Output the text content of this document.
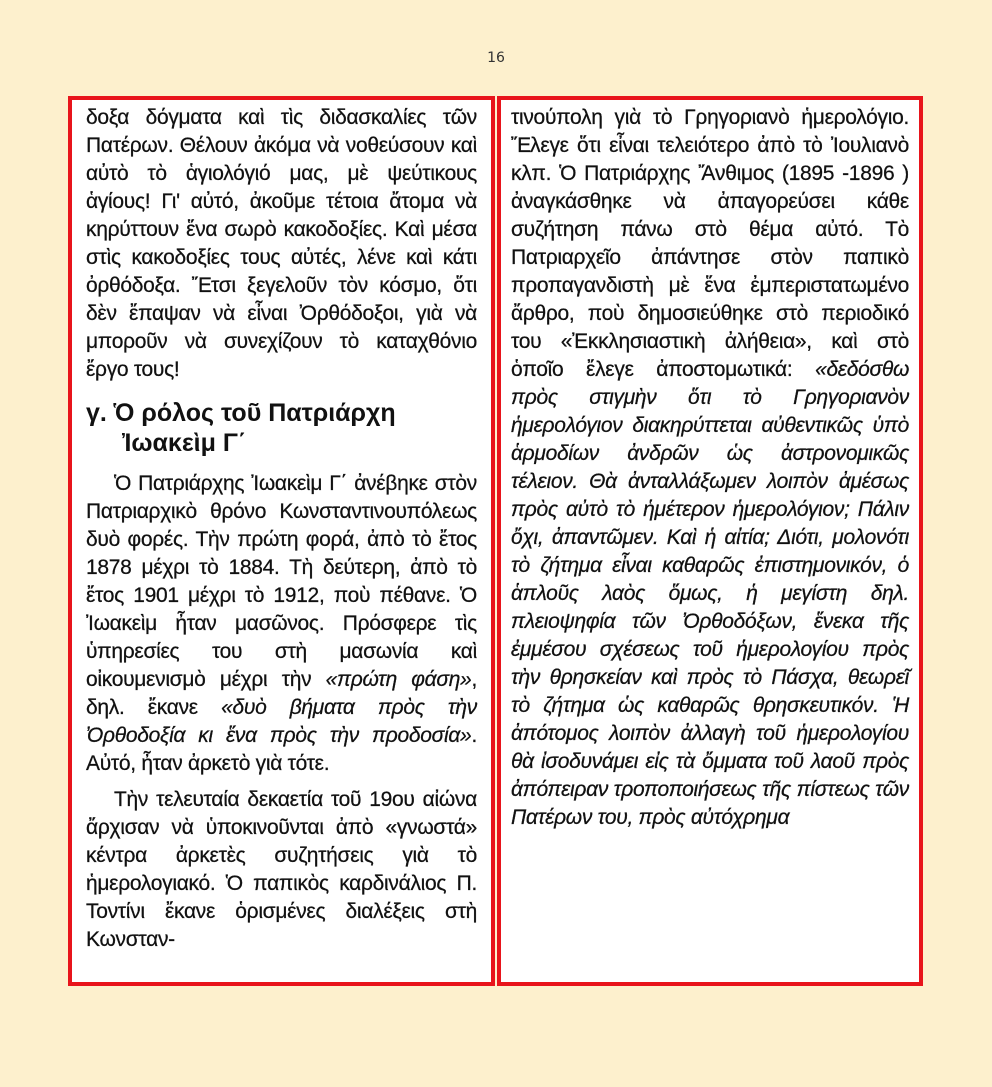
16

δοξα δόγματα καὶ τὶς διδασκαλίες τῶν Πατέρων. Θέλουν ἀκόμα νὰ νοθεύσουν καὶ αὐτὸ τὸ ἁγιολόγιό μας, μὲ ψεύτικους ἁγίους! Γι' αὐτό, ἀκοῦμε τέτοια ἄτομα νὰ κηρύττουν ἕνα σωρὸ κακοδοξίες. Καὶ μέσα στὶς κακοδοξίες τους αὐτές, λένε καὶ κάτι ὀρθόδοξα. Ἔτσι ξεγελοῦν τὸν κόσμο, ὅτι δὲν ἔπαψαν νὰ εἶναι Ὀρθόδοξοι, γιὰ νὰ μποροῦν νὰ συνεχίζουν τὸ καταχθόνιο ἔργο τους!

γ. Ὁ ρόλος τοῦ Πατριάρχη Ἰωακεὶμ Γ΄

Ὁ Πατριάρχης Ἰωακεὶμ Γ΄ ἀνέβηκε στὸν Πατριαρχικὸ θρόνο Κωνσταντινουπόλεως δυὸ φορές. Τὴν πρώτη φορά, ἀπὸ τὸ ἔτος 1878 μέχρι τὸ 1884. Τὴ δεύτερη, ἀπὸ τὸ ἔτος 1901 μέχρι τὸ 1912, ποὺ πέθανε. Ὁ Ἰωακεὶμ ἦταν μασῶνος. Πρόσφερε τὶς ὑπηρεσίες του στὴ μασωνία καὶ οἰκουμενισμὸ μέχρι τὴν «πρώτη φάση», δηλ. ἔκανε «δυὸ βήματα πρὸς τὴν Ὀρθοδοξία κι ἕνα πρὸς τὴν προδοσία». Αὐτό, ἦταν ἀρκετὸ γιὰ τότε.

Τὴν τελευταία δεκαετία τοῦ 19ου αἰώνα ἄρχισαν νὰ ὑποκινοῦνται ἀπὸ «γνωστά» κέντρα ἀρκετὲς συζητήσεις γιὰ τὸ ἡμερολογιακό. Ὁ παπικὸς καρδινάλιος Π. Τοντίνι ἔκανε ὁρισμένες διαλέξεις στὴ Κωνσταν-

τινούπολη γιὰ τὸ Γρηγοριανὸ ἡμερολόγιο. Ἔλεγε ὅτι εἶναι τελειότερο ἀπὸ τὸ Ἰουλιανὸ κλπ. Ὁ Πατριάρχης Ἄνθιμος (1895 -1896 ) ἀναγκάσθηκε νὰ ἀπαγορεύσει κάθε συζήτηση πάνω στὸ θέμα αὐτό. Τὸ Πατριαρχεῖο ἀπάντησε στὸν παπικὸ προπαγανδιστὴ μὲ ἕνα ἐμπεριστατωμένο ἄρθρο, ποὺ δημοσιεύθηκε στὸ περιοδικό του «Ἐκκλησιαστικὴ ἀλήθεια», καὶ στὸ ὁποῖο ἔλεγε ἀποστομωτικά: «δεδόσθω πρὸς στιγμὴν ὅτι τὸ Γρηγοριανὸν ἡμερολόγιον διακηρύττεται αὐθεντικῶς ὑπὸ ἁρμοδίων ἀνδρῶν ὡς ἀστρονομικῶς τέλειον. Θὰ ἀνταλλάξωμεν λοιπὸν ἀμέσως πρὸς αὐτὸ τὸ ἡμέτερον ἡμερολόγιον; Πάλιν ὄχι, ἀπαντῶμεν. Καὶ ἡ αἰτία; Διότι, μολονότι τὸ ζήτημα εἶναι καθαρῶς ἐπιστημονικόν, ὁ ἁπλοῦς λαὸς ὅμως, ἡ μεγίστη δηλ. πλειοψηφία τῶν Ὀρθοδόξων, ἕνεκα τῆς ἐμμέσου σχέσεως τοῦ ἡμερολογίου πρὸς τὴν θρησκείαν καὶ πρὸς τὸ Πάσχα, θεωρεῖ τὸ ζήτημα ὡς καθαρῶς θρησκευτικόν. Ἡ ἀπότομος λοιπὸν ἀλλαγὴ τοῦ ἡμερολογίου θὰ ἰσοδυνάμει εἰς τὰ ὄμματα τοῦ λαοῦ πρὸς ἀπόπειραν τροποποιήσεως τῆς πίστεως τῶν Πατέρων του, πρὸς αὐτόχρημα
